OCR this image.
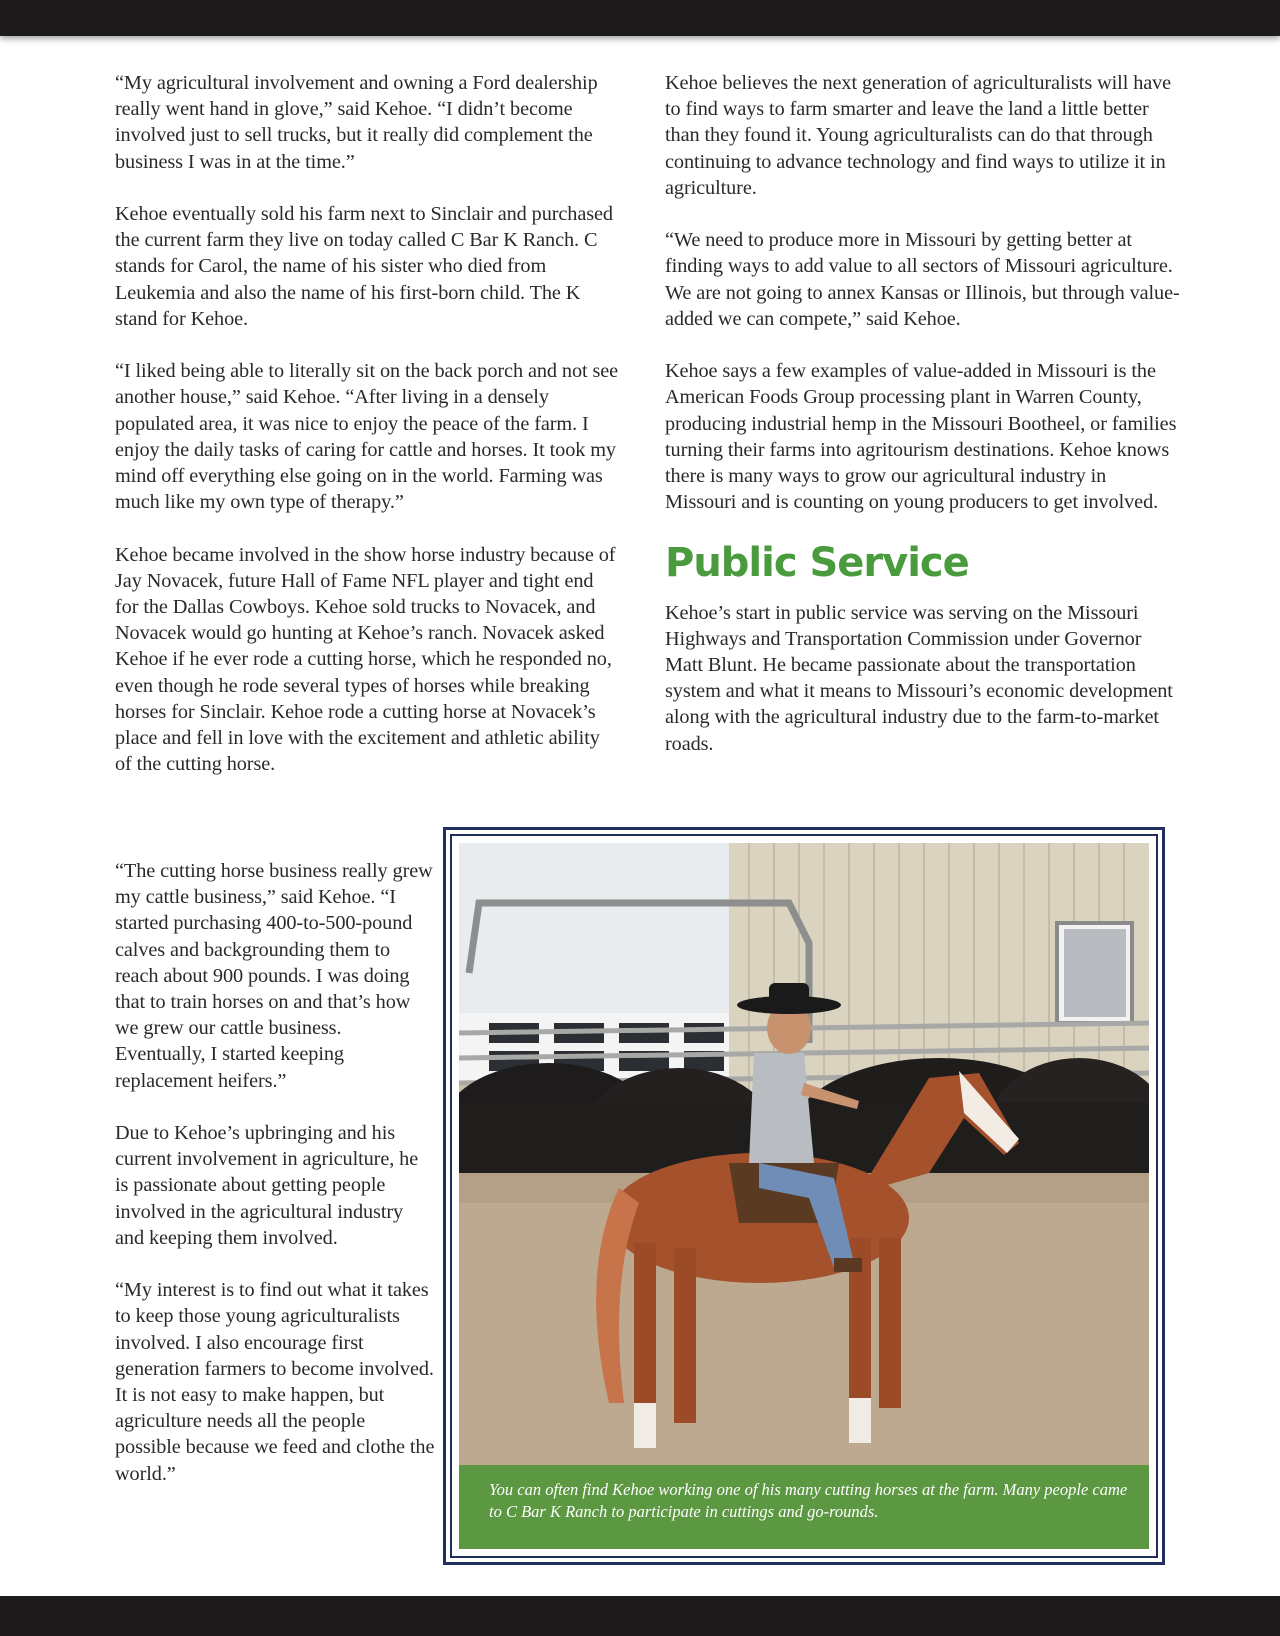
“My agricultural involvement and owning a Ford dealership really went hand in glove,” said Kehoe. “I didn’t become involved just to sell trucks, but it really did complement the business I was in at the time.”

Kehoe eventually sold his farm next to Sinclair and purchased the current farm they live on today called C Bar K Ranch. C stands for Carol, the name of his sister who died from Leukemia and also the name of his first-born child. The K stand for Kehoe.

“I liked being able to literally sit on the back porch and not see another house,” said Kehoe. “After living in a densely populated area, it was nice to enjoy the peace of the farm. I enjoy the daily tasks of caring for cattle and horses. It took my mind off everything else going on in the world. Farming was much like my own type of therapy.”

Kehoe became involved in the show horse industry because of Jay Novacek, future Hall of Fame NFL player and tight end for the Dallas Cowboys. Kehoe sold trucks to Novacek, and Novacek would go hunting at Kehoe’s ranch. Novacek asked Kehoe if he ever rode a cutting horse, which he responded no, even though he rode several types of horses while breaking horses for Sinclair. Kehoe rode a cutting horse at Novacek’s place and fell in love with the excitement and athletic ability of the cutting horse.

“The cutting horse business really grew my cattle business,” said Kehoe. “I started purchasing 400-to-500-pound calves and backgrounding them to reach about 900 pounds. I was doing that to train horses on and that’s how we grew our cattle business. Eventually, I started keeping replacement heifers.”

Due to Kehoe’s upbringing and his current involvement in agriculture, he is passionate about getting people involved in the agricultural industry and keeping them involved.

“My interest is to find out what it takes to keep those young agriculturalists involved. I also encourage first generation farmers to become involved. It is not easy to make happen, but agriculture needs all the people possible because we feed and clothe the world.”

Kehoe believes the next generation of agriculturalists will have to find ways to farm smarter and leave the land a little better than they found it. Young agriculturalists can do that through continuing to advance technology and find ways to utilize it in agriculture.

“We need to produce more in Missouri by getting better at finding ways to add value to all sectors of Missouri agriculture. We are not going to annex Kansas or Illinois, but through value-added we can compete,” said Kehoe.

Kehoe says a few examples of value-added in Missouri is the American Foods Group processing plant in Warren County, producing industrial hemp in the Missouri Bootheel, or families turning their farms into agritourism destinations. Kehoe knows there is many ways to grow our agricultural industry in Missouri and is counting on young producers to get involved.

Public Service

Kehoe’s start in public service was serving on the Missouri Highways and Transportation Commission under Governor Matt Blunt. He became passionate about the transportation system and what it means to Missouri’s economic development along with the agricultural industry due to the farm-to-market roads.

You can often find Kehoe working one of his many cutting horses at the farm. Many people came to C Bar K Ranch to participate in cuttings and go-rounds.
